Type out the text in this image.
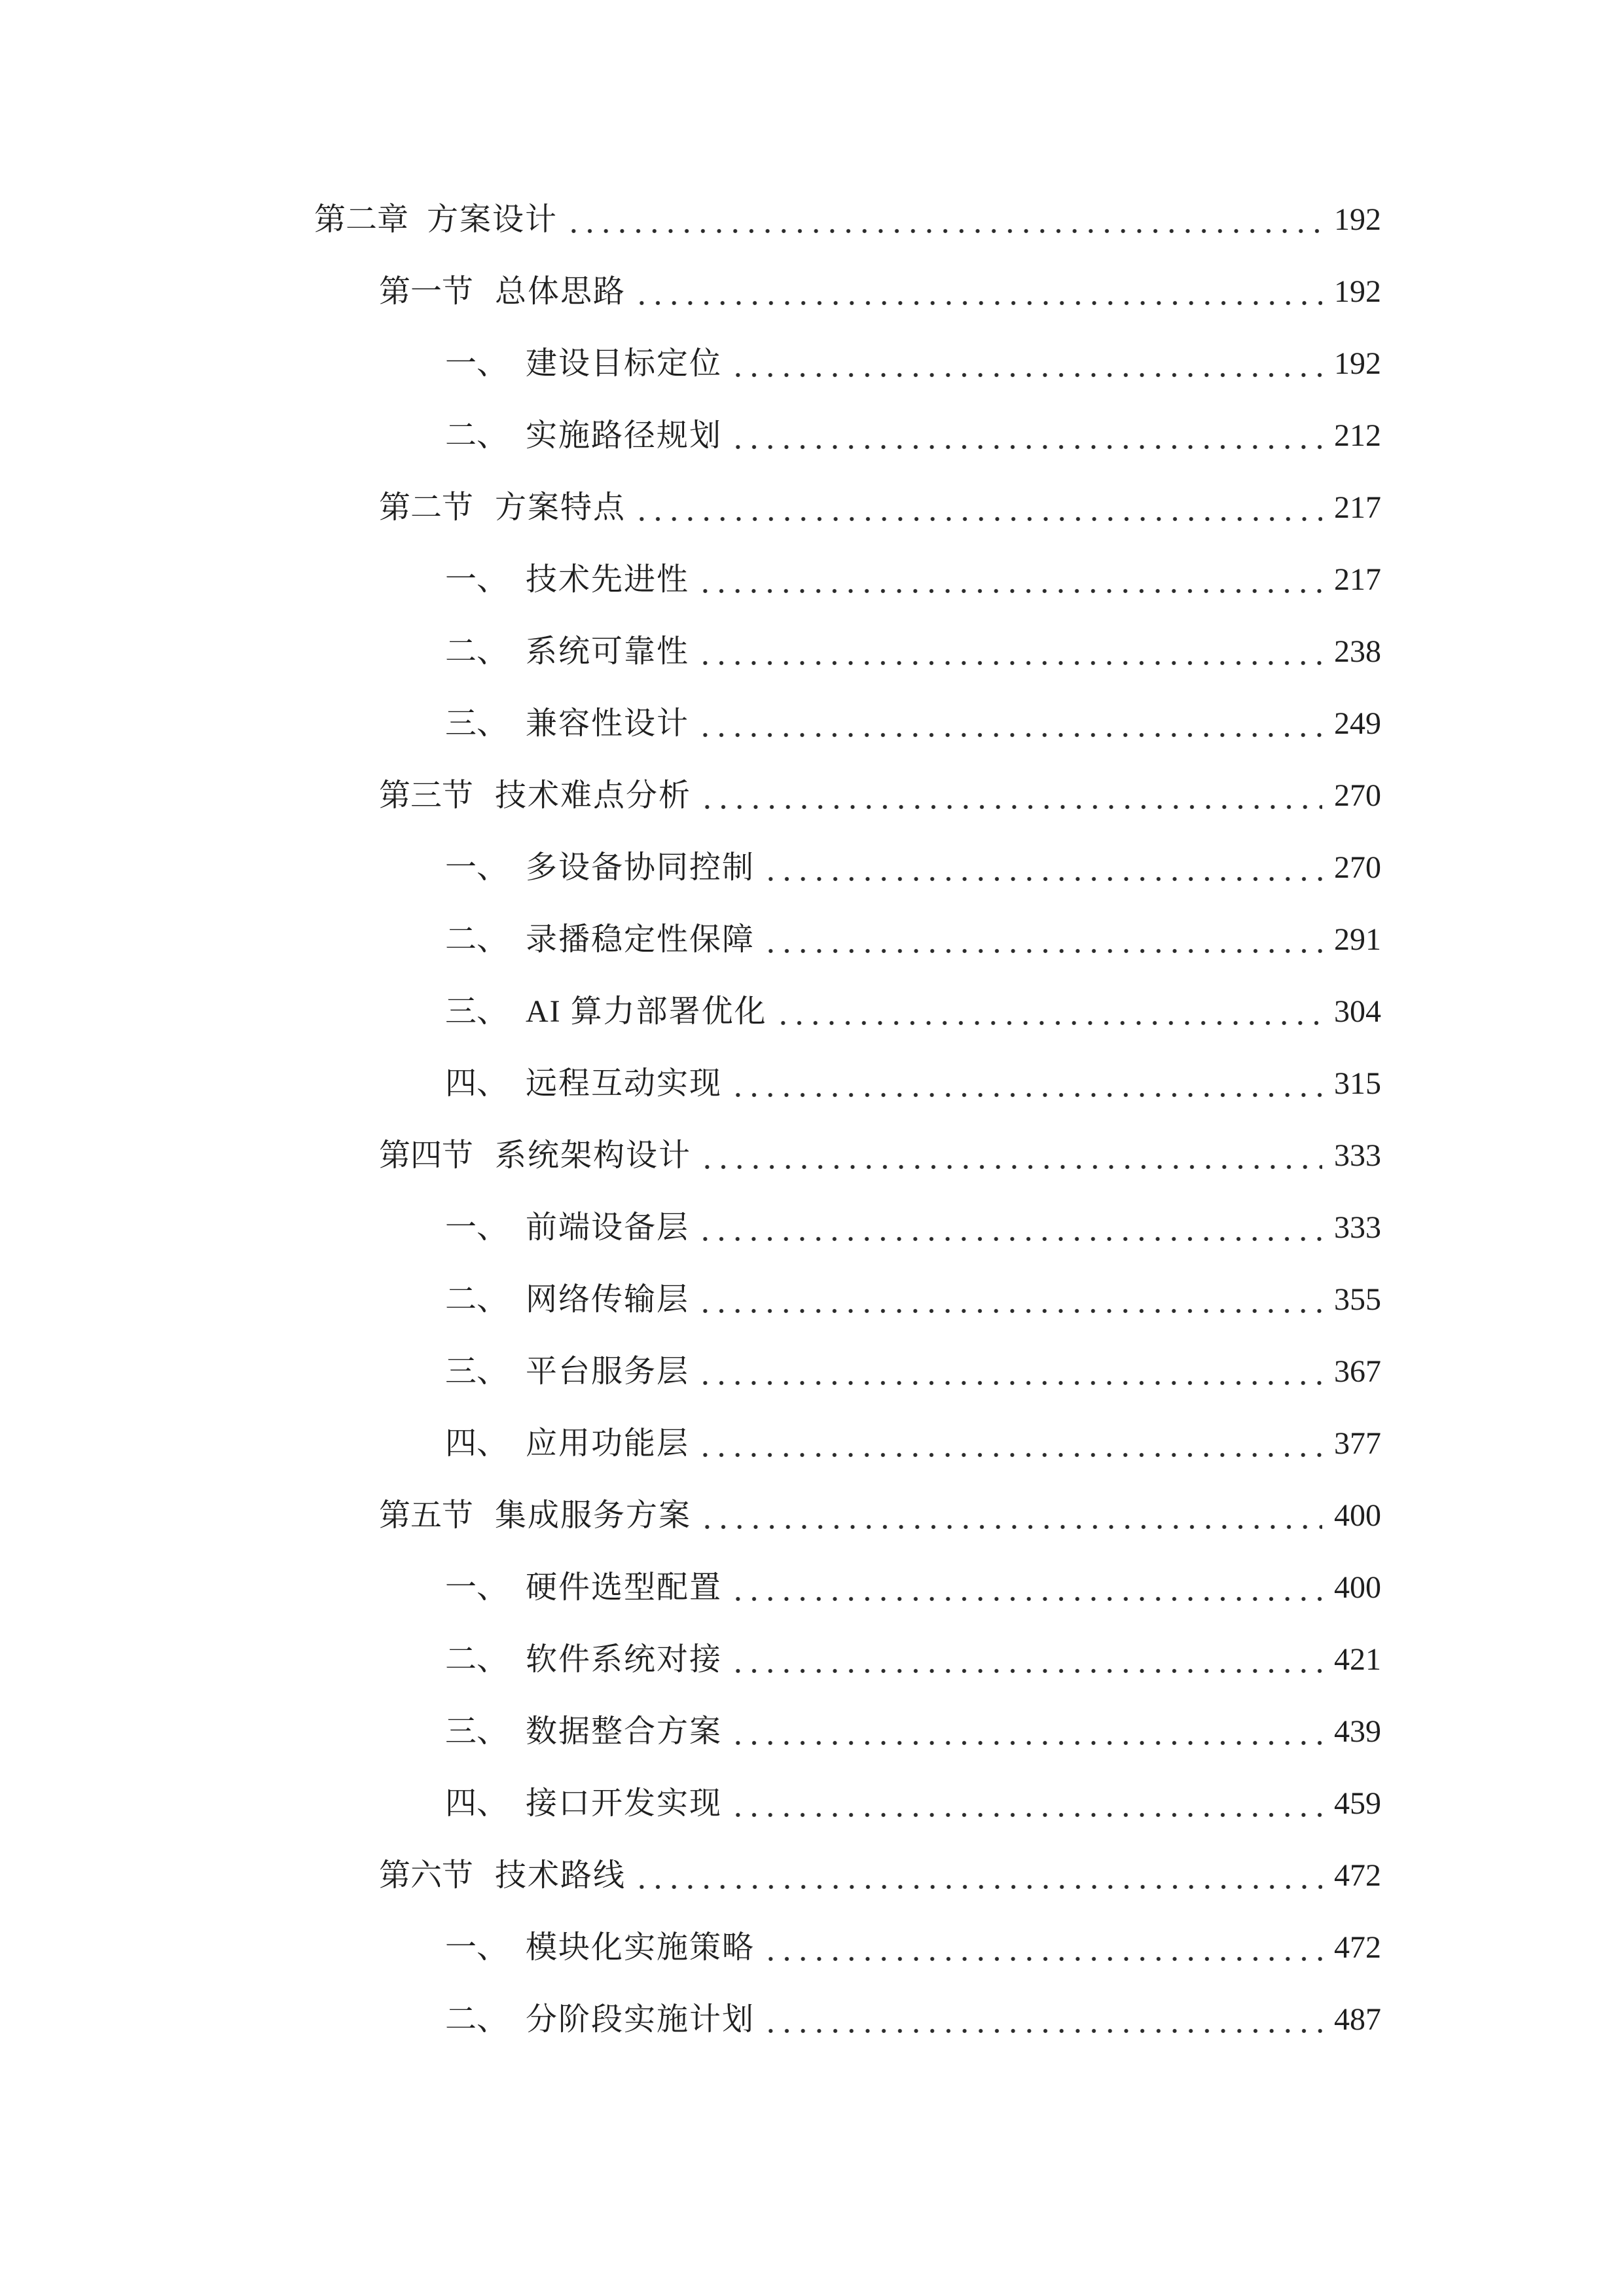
第二章 方案设计	192
第一节 总体思路	192
一、 建设目标定位	192
二、 实施路径规划	212
第二节 方案特点	217
一、 技术先进性	217
二、 系统可靠性	238
三、 兼容性设计	249
第三节 技术难点分析	270
一、 多设备协同控制	270
二、 录播稳定性保障	291
三、 AI 算力部署优化	304
四、 远程互动实现	315
第四节 系统架构设计	333
一、 前端设备层	333
二、 网络传输层	355
三、 平台服务层	367
四、 应用功能层	377
第五节 集成服务方案	400
一、 硬件选型配置	400
二、 软件系统对接	421
三、 数据整合方案	439
四、 接口开发实现	459
第六节 技术路线	472
一、 模块化实施策略	472
二、 分阶段实施计划	487
